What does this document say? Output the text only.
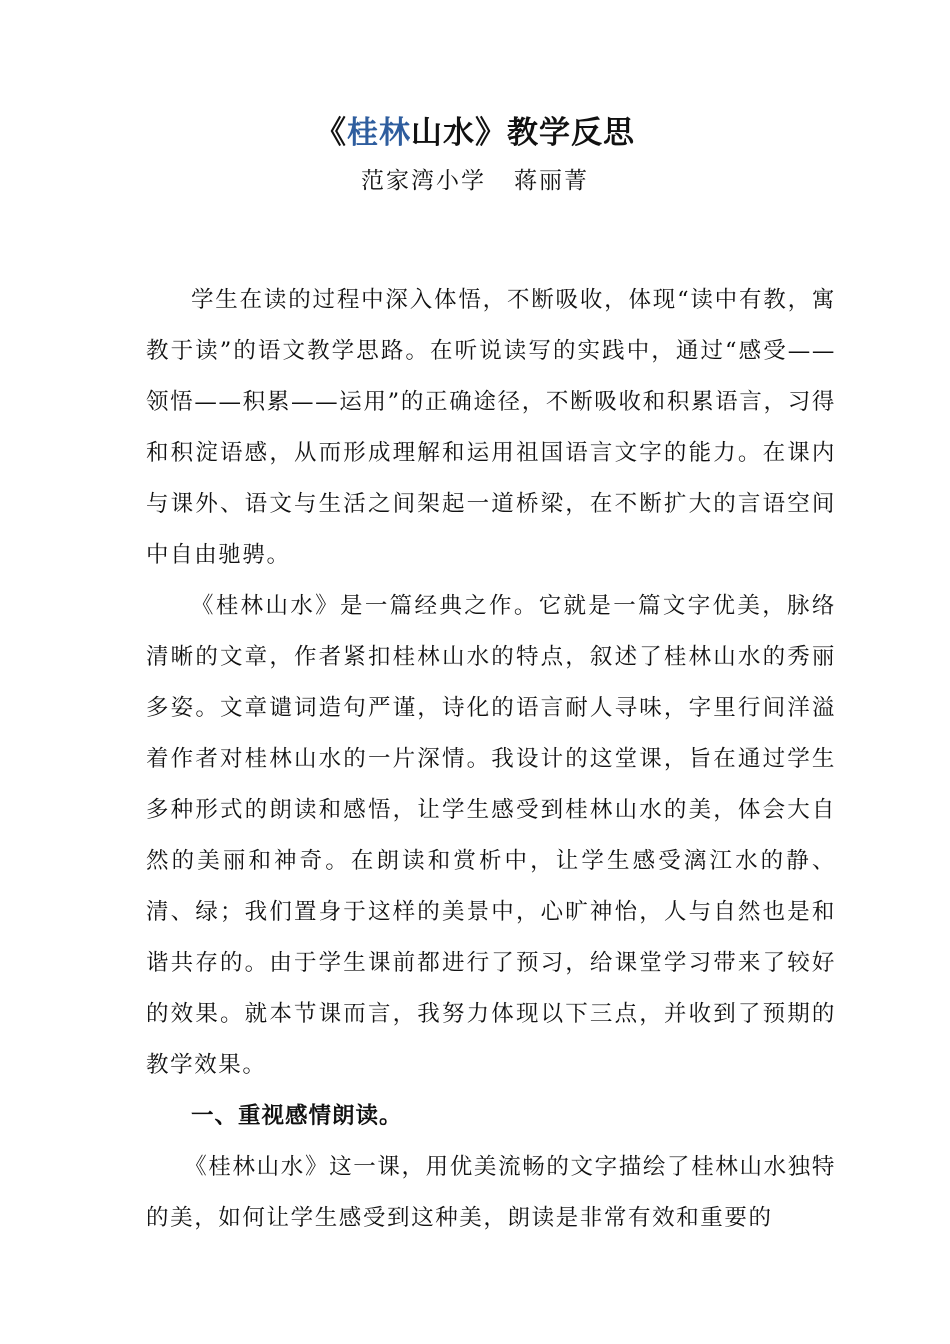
《桂林山水》教学反思
范家湾小学   蒋丽菁

学生在读的过程中深入体悟，不断吸收，体现“读中有教，寓教于读”的语文教学思路。在听说读写的实践中，通过“感受——领悟——积累——运用”的正确途径，不断吸收和积累语言，习得和积淀语感，从而形成理解和运用祖国语言文字的能力。在课内与课外、语文与生活之间架起一道桥梁，在不断扩大的言语空间中自由驰骋。

《桂林山水》是一篇经典之作。它就是一篇文字优美，脉络清晰的文章，作者紧扣桂林山水的特点，叙述了桂林山水的秀丽多姿。文章谴词造句严谨，诗化的语言耐人寻味，字里行间洋溢着作者对桂林山水的一片深情。我设计的这堂课，旨在通过学生多种形式的朗读和感悟，让学生感受到桂林山水的美，体会大自然的美丽和神奇。在朗读和赏析中，让学生感受漓江水的静、清、绿；我们置身于这样的美景中，心旷神怡，人与自然也是和谐共存的。由于学生课前都进行了预习，给课堂学习带来了较好的效果。就本节课而言，我努力体现以下三点，并收到了预期的教学效果。

一、重视感情朗读。

《桂林山水》这一课，用优美流畅的文字描绘了桂林山水独特的美，如何让学生感受到这种美，朗读是非常有效和重要的
